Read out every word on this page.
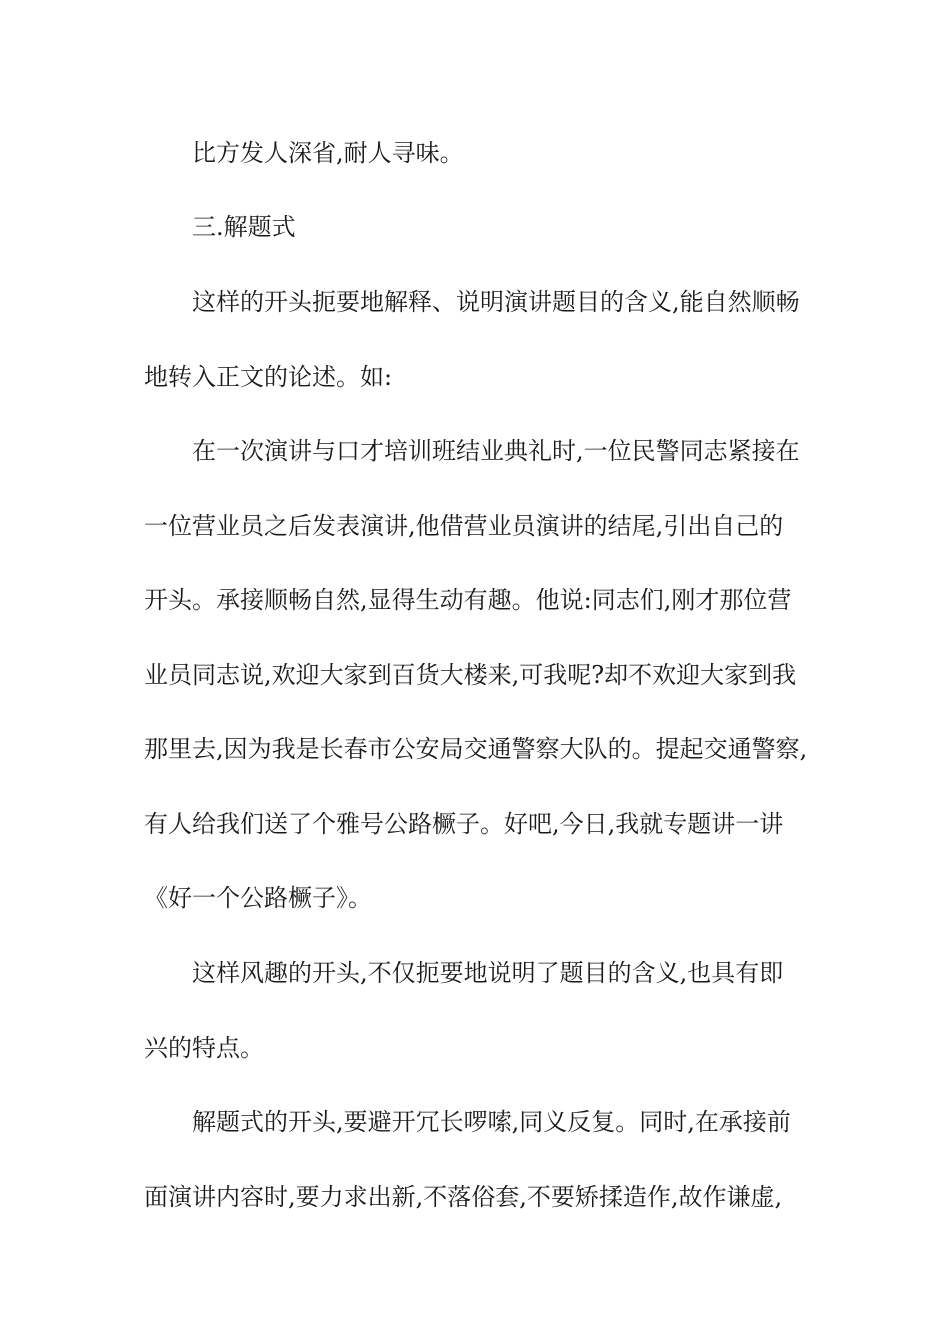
比方发人深省,耐人寻味。
三.解题式
这样的开头扼要地解释、说明演讲题目的含义,能自然顺畅
地转入正文的论述。如:
在一次演讲与口才培训班结业典礼时,一位民警同志紧接在
一位营业员之后发表演讲,他借营业员演讲的结尾,引出自己的
开头。承接顺畅自然,显得生动有趣。他说:同志们,刚才那位营
业员同志说,欢迎大家到百货大楼来,可我呢?却不欢迎大家到我
那里去,因为我是长春市公安局交通警察大队的。提起交通警察,
有人给我们送了个雅号公路橛子。好吧,今日,我就专题讲一讲
《好一个公路橛子》。
这样风趣的开头,不仅扼要地说明了题目的含义,也具有即
兴的特点。
解题式的开头,要避开冗长啰嗦,同义反复。同时,在承接前
面演讲内容时,要力求出新,不落俗套,不要矫揉造作,故作谦虚,
